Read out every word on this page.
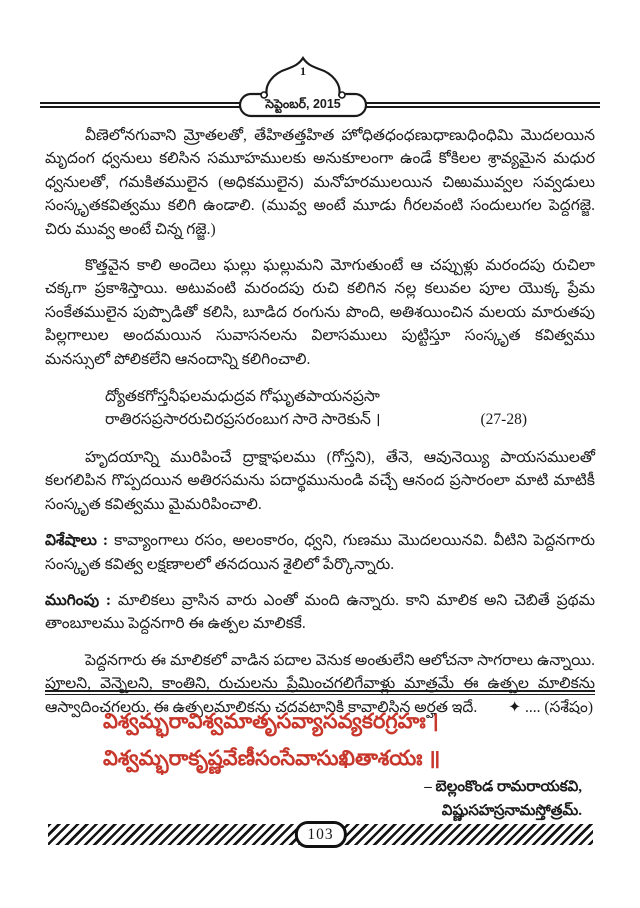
1
సెప్టెంబర్, 2015

వీణెలోనగువాని మ్రోతలతో, తేహితత్తహిత హోధితధంధణుధాణుధింధిమి మొదలయిన మృదంగ ధ్వనులు కలిసిన సమూహములకు అనుకూలంగా ఉండే కోకిలల శ్రావ్యమైన మధుర ధ్వనులతో, గమకితములైన (అధికములైన) మనోహరములయిన చిఱుమువ్వల సవ్వడులు సంస్కృతకవిత్వము కలిగి ఉండాలి. (మువ్వ అంటే మూడు గీరలవంటి సందులుగల పెద్దగజ్జె. చిరు మువ్వ అంటే చిన్న గజ్జె.)

కొత్తవైన కాలి అందెలు ఘల్లు ఘల్లుమని మోగుతుంటే ఆ చప్పుళ్లు మరందపు రుచిలా చక్కగా ప్రకాశిస్తాయి. అటువంటి మరందపు రుచి కలిగిన నల్ల కలువల పూల యొక్క ప్రేమ సంకేతములైన పుప్పొడితో కలిసి, బూడిద రంగును పొంది, అతిశయించిన మలయ మారుతపు పిల్లగాలుల అందమయిన సువాసనలను విలాసములు పుట్టిస్తూ సంస్కృత కవిత్వము మనస్సులో పోలికలేని ఆనందాన్ని కలిగించాలి.

ద్యోతకగోస్తనీఫలమధుద్రవ గోఘృతపాయనప్రసా
రాతిరసప్రసారరుచిరప్రసరంబుగ సారె సారెకున్ ।	(27-28)

హృదయాన్ని మురిపించే ద్రాక్షాఫలము (గోస్తని), తేనె, ఆవునెయ్యి పాయసములతో కలగలిపిన గొప్పదయిన అతిరసమను పదార్థమునుండి వచ్చే ఆనంద ప్రసారంలా మాటి మాటికీ సంస్కృత కవిత్వము మైమరిపించాలి.

విశేషాలు : కావ్యాంగాలు రసం, అలంకారం, ధ్వని, గుణము మొదలయినవి. వీటిని పెద్దనగారు సంస్కృత కవిత్వ లక్షణాలలో తనదయిన శైలిలో పేర్కొన్నారు.

ముగింపు : మాలికలు వ్రాసిన వారు ఎంతో మంది ఉన్నారు. కాని మాలిక అని చెబితే ప్రథమ తాంబూలము పెద్దనగారి ఈ ఉత్పల మాలికకే.

పెద్దనగారు ఈ మాలికలో వాడిన పదాల వెనుక అంతులేని ఆలోచనా సాగరాలు ఉన్నాయి. పూలని, వెన్నెలని, కాంతిని, రుచులను ప్రేమించగలిగేవాళ్లు మాత్రమే ఈ ఉత్పల మాలికను ఆస్వాదించగలరు. ఈ ఉత్పలమాలికను చదవటానికి కావాలిసిన అర్హత ఇదే.	✦ .... (సశేషం)

విశ్వమ్భరావిశ్వమాతృసవ్యాసవ్యకరగ్రహః ।
విశ్వమ్భరాకృష్ణవేణీసంసేవాసుఖితాశయః ॥
– బెల్లంకొండ రామరాయకవి,
విష్ణుసహస్రనామస్తోత్రమ్.
103
